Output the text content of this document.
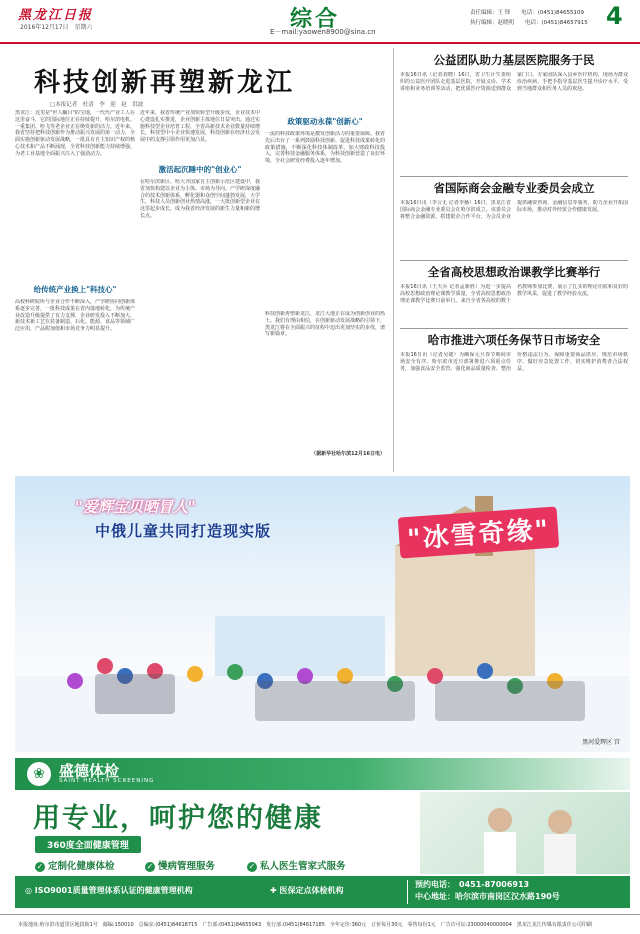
黑龙江日报
2016年12月17日　星期六	综合
E－mail:yaowen8900@sina.cn
责任编辑：王 铎　　电话：(0451)84655109
执行编辑：赵晓明　　电话：(0451)84657915 4
科技创新再塑新龙江
□本报记者　杜清　李　迎　赵　洪波
黑龙江：这里是"世人瞩目"的宝地，一代代产业工人在这里奋斗，它的国际地位正在持续提升，哈尔滨电机、一重集团、哈飞等老企业正在焕发新的活力。近年来，我省坚持把科技创新作为推动振兴发展的第一动力，全面实施创新驱动发展战略，一批具有自主知识产权的核心技术和产品不断涌现，全省科技创新能力持续增强，为老工业基地全面振兴注入了强劲动力。
给传统产业换上"科技心"
高校科研院所与企业合作不断深入，产学研协同创新体系逐步完善，一批科技成果在省内落地转化，为传统产业改造升级提供了有力支撑，企业研发投入不断加大，新技术新工艺在装备制造、石化、能源、食品等领域广泛应用，产品附加值和市场竞争力明显提升。
近年来，我省传统产业加快转型升级步伐，企业技术中心建设扎实推进，企业创新主体地位日益突出。通过实施科技型企业培育工程，全省高新技术企业数量持续增长，科技型中小企业快速发展，科技创新在经济社会发展中的支撑引领作用更加凸显。
激活起沉睡中的"创业心"
在哈尔滨新区、哈大齐国家自主创新示范区建设中，我省加快构建以企业为主体、市场为导向、产学研深度融合的技术创新体系，孵化器和众创空间蓬勃发展，大学生、科技人员创新创业热情高涨，一大批创新型企业在这里起步成长，成为我省经济发展的新生力量和新的增长点。
政策驱动永葆"创新心"
一流的科技政策环境是激发创新活力的重要保障。我省先后出台了一系列鼓励科技创新、促进科技成果转化的政策措施，不断深化科技体制改革，加大财政科技投入，完善科技金融服务体系，为科技创新营造了良好环境，全社会研发经费投入逐年增加。
科技创新再塑新龙江，龙江大地正在成为创新创业的热土。我们有理由相信，在创新驱动发展战略的引领下，黑龙江将在全面振兴的征程中迈出更加坚实的步伐，谱写新篇章。
（据新华社哈尔滨12月16日电）
公益团队助力基层医院服务于民
本报16日讯（记者刘晓）16日，省卫生计生委组织的公益医疗团队走进基层医院，开展义诊、学术讲座和业务培训等活动，把优质医疗资源送到群众家门口。专家团队深入县乡医疗机构，现场为群众诊治疾病，手把手指导基层医生提升诊疗水平，受到当地群众和医务人员的欢迎。
省国际商会金融专业委员会成立
本报16日讯（李言无 记者李播）16日，黑龙江省国际商会金融专业委员会在哈尔滨成立。该委员会将整合金融资源，搭建银企合作平台，为会员企业提供融资咨询、金融信息等服务，助力企业开拓国际市场，推动对外经贸合作健康发展。
全省高校思想政治课教学比赛举行
本报16日讯（王天兵 记者孟新胜）为进一步提高高校思想政治理论课教学质量，全省高校思想政治理论课教学比赛日前举行。来自全省各高校的数十名教师参加比赛，展示了扎实的理论功底和良好的教学风采，促进了教学经验交流。
哈市推进六项任务保节日市场安全
本报16日讯（记者吴婕）为确保元旦春节期间市场安全有序，哈尔滨市近日部署推进六项重点任务，加强食品安全监管、强化商品质量检查、整治价格违法行为、保障重要商品供应、规范市场秩序、做好应急处置工作，切实维护消费者合法权益。
"爱辉宝贝晒冒人"
中俄儿童共同打造现实版	"冰雪奇缘"
黑河爱辉区 宫
❀ 盛德体检
SAINT HEALTH SCREENING
用专业，呵护您的健康
360度全面健康管理
✓ 定制化健康体检	✓ 慢病管理服务	✓ 私人医生管家式服务
◎ ISO9001质量管理体系认证的健康管理机构	✚ 医保定点体检机构
预约电话：　0451-87006913
中心地址：哈尔滨市南岗区汉水路190号
本报地址:哈尔滨市道里区地段街1号　邮编:150010　总编室:(0451)84618715　广告部:(0451)84655043　发行部:(0451)84617185　全年定价:360元　订价每月30元　零售每份1元　广告许可证:23000040000004　黑龙江龙江传媒有限责任公司印刷
